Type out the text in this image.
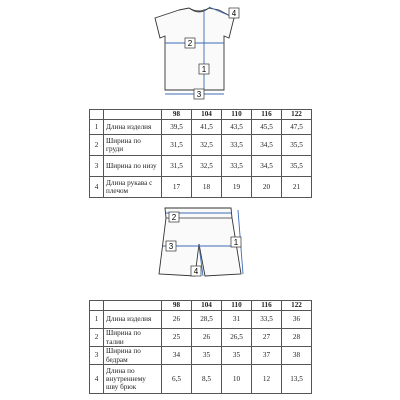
2
1
3
4
		98	104	110	116	122
1	Длина изделия	39,5	41,5	43,5	45,5	47,5
2	Ширина по груди	31,5	32,5	33,5	34,5	35,5
3	Ширина по низу	31,5	32,5	33,5	34,5	35,5
4	Длина рукава с плечом	17	18	19	20	21
2
3	1
4
		98	104	110	116	122
1	Длина изделия	26	28,5	31	33,5	36
2	Ширина по талии	25	26	26,5	27	28
3	Ширина по бедрам	34	35	35	37	38
4	Длина по внутреннему шву брюк	6,5	8,5	10	12	13,5
